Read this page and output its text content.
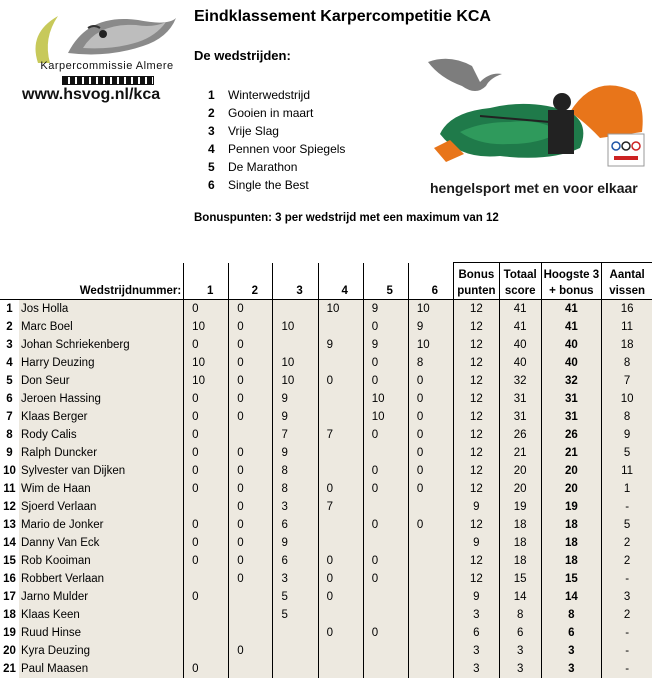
Karpercommissie Almere
www.hsvog.nl/kca
Eindklassement Karpercompetitie KCA
De wedstrijden:
1 Winterwedstrijd
2 Gooien in maart
3 Vrije Slag
4 Pennen voor Spiegels
5 De Marathon
6 Single the Best
Bonuspunten: 3 per wedstrijd met een maximum van 12
hengelsport met en voor elkaar
	Wedstrijdnummer:	1	2	3	4	5	6	Bonus
punten	Totaal
score	Hoogste 3
+ bonus	Aantal
vissen
1	Jos Holla	0	0		10	9	10	12	41	41	16
2	Marc Boel	10	0	10		0	9	12	41	41	11
3	Johan Schriekenberg	0	0		9	9	10	12	40	40	18
4	Harry Deuzing	10	0	10		0	8	12	40	40	8
5	Don Seur	10	0	10	0	0	0	12	32	32	7
6	Jeroen Hassing	0	0	9		10	0	12	31	31	10
7	Klaas Berger	0	0	9		10	0	12	31	31	8
8	Rody Calis	0		7	7	0	0	12	26	26	9
9	Ralph Duncker	0	0	9			0	12	21	21	5
10	Sylvester van Dijken	0	0	8		0	0	12	20	20	11
11	Wim de Haan	0	0	8	0	0	0	12	20	20	1
12	Sjoerd Verlaan		0	3	7			9	19	19	-
13	Mario de Jonker	0	0	6		0	0	12	18	18	5
14	Danny Van Eck	0	0	9				9	18	18	2
15	Rob Kooiman	0	0	6	0	0		12	18	18	2
16	Robbert Verlaan		0	3	0	0		12	15	15	-
17	Jarno Mulder	0		5	0			9	14	14	3
18	Klaas Keen			5				3	8	8	2
19	Ruud Hinse				0	0		6	6	6	-
20	Kyra Deuzing		0					3	3	3	-
21	Paul Maasen	0						3	3	3	-
